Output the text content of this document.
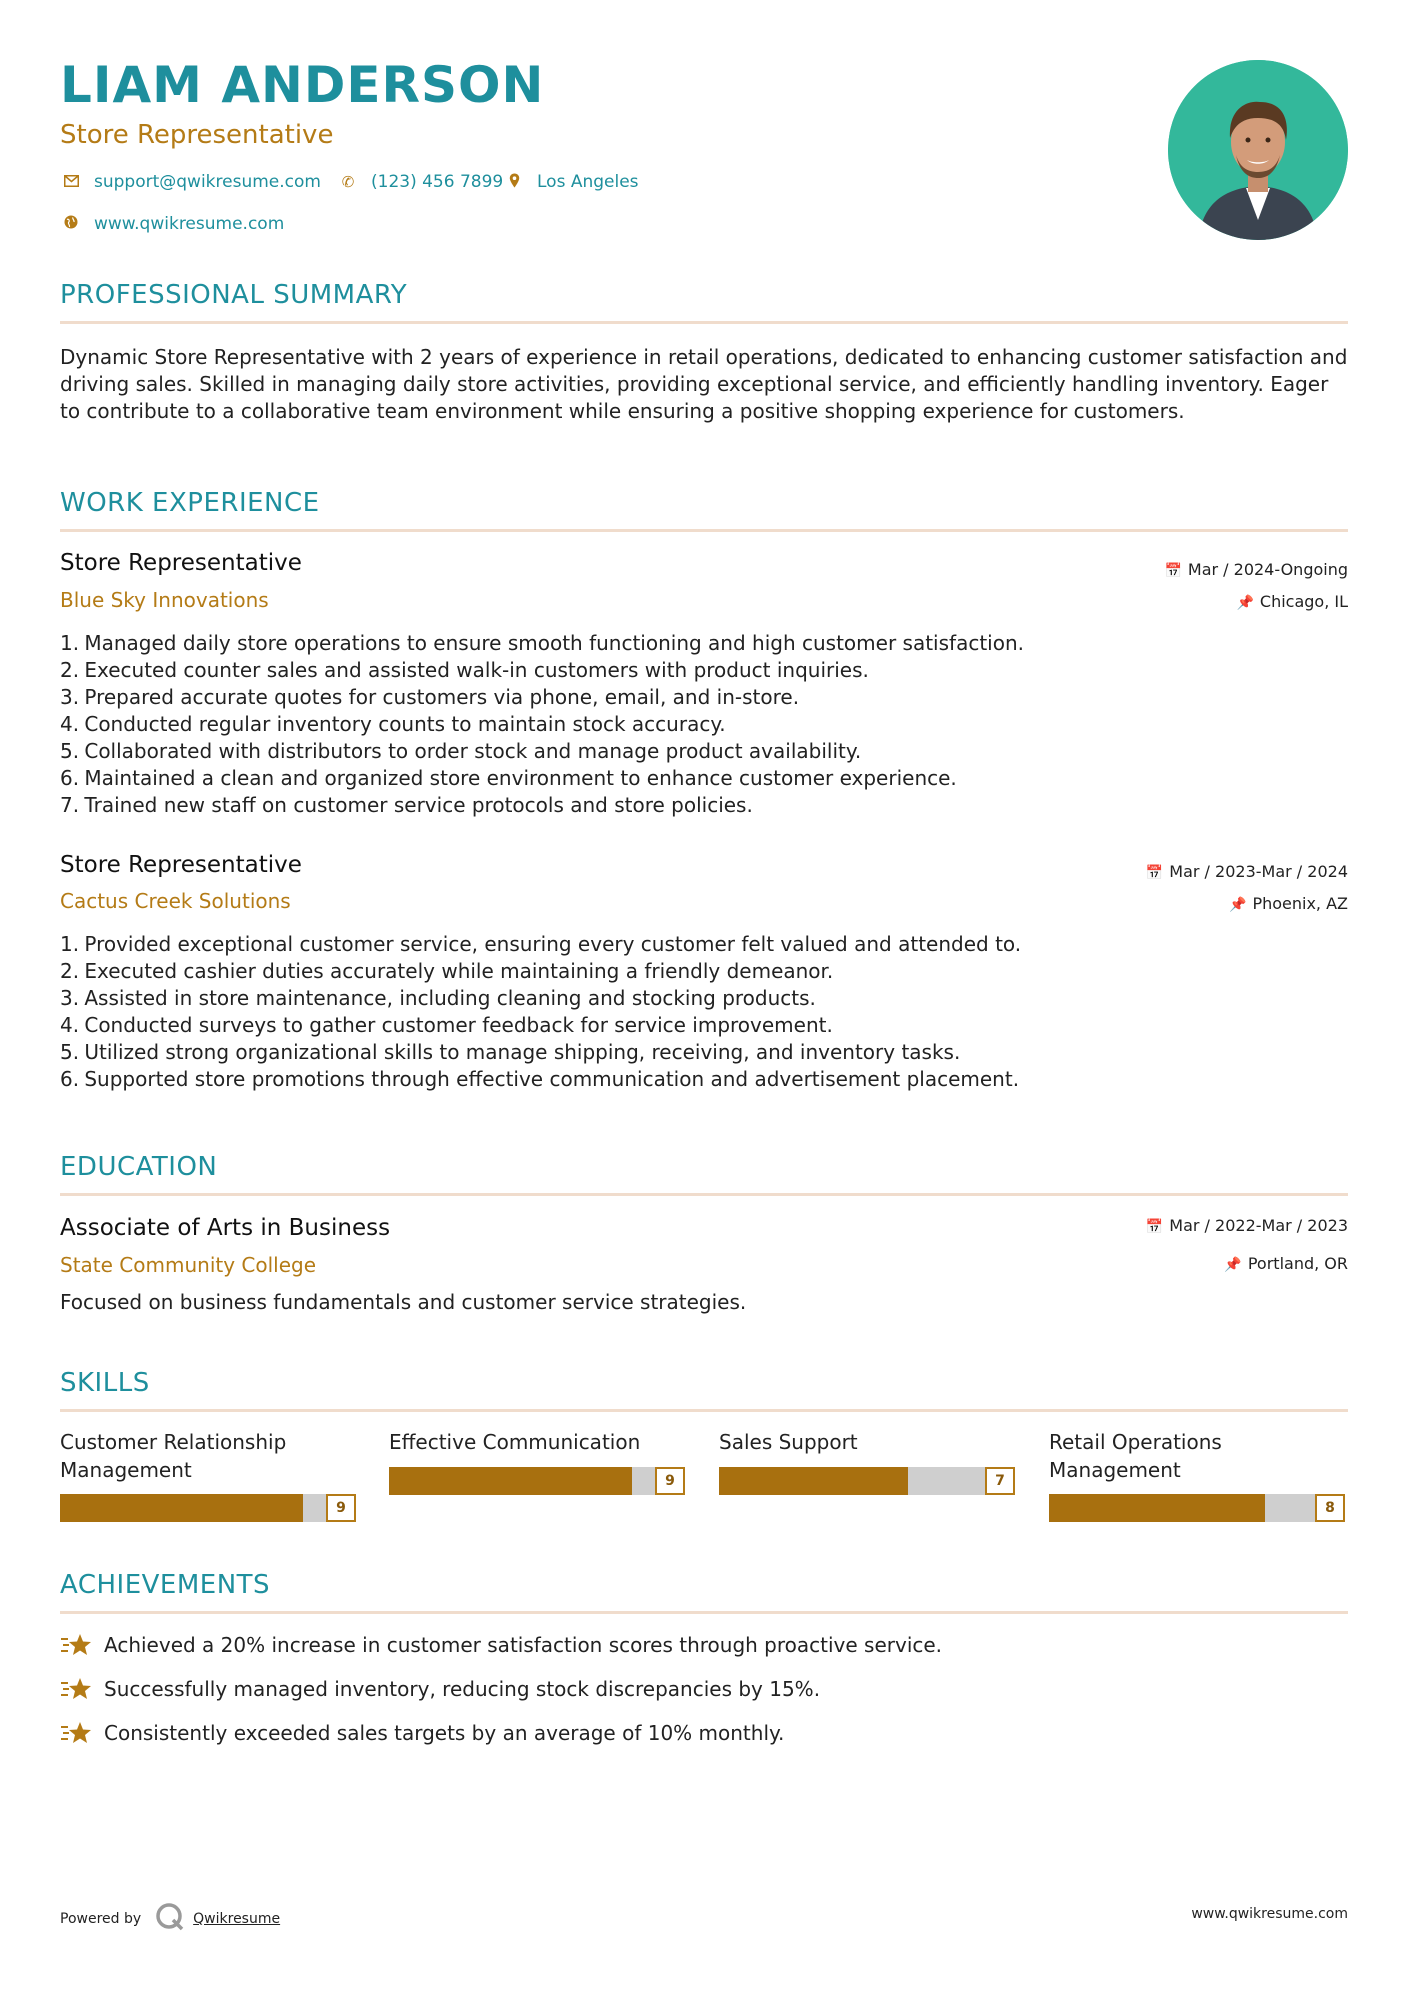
LIAM ANDERSON
Store Representative
support@qwikresume.com	✆ (123) 456 7899 Los Angeles
www.qwikresume.com
PROFESSIONAL SUMMARY

Dynamic Store Representative with 2 years of experience in retail operations, dedicated to enhancing customer satisfaction and driving sales. Skilled in managing daily store activities, providing exceptional service, and efficiently handling inventory. Eager to contribute to a collaborative team environment while ensuring a positive shopping experience for customers.

WORK EXPERIENCE
Store Representative
Blue Sky Innovations
📅 Mar / 2024-Ongoing
📌 Chicago, IL
1. Managed daily store operations to ensure smooth functioning and high customer satisfaction.
2. Executed counter sales and assisted walk-in customers with product inquiries.
3. Prepared accurate quotes for customers via phone, email, and in-store.
4. Conducted regular inventory counts to maintain stock accuracy.
5. Collaborated with distributors to order stock and manage product availability.
6. Maintained a clean and organized store environment to enhance customer experience.
7. Trained new staff on customer service protocols and store policies.
Store Representative
Cactus Creek Solutions
📅 Mar / 2023-Mar / 2024
📌 Phoenix, AZ
1. Provided exceptional customer service, ensuring every customer felt valued and attended to.
2. Executed cashier duties accurately while maintaining a friendly demeanor.
3. Assisted in store maintenance, including cleaning and stocking products.
4. Conducted surveys to gather customer feedback for service improvement.
5. Utilized strong organizational skills to manage shipping, receiving, and inventory tasks.
6. Supported store promotions through effective communication and advertisement placement.
EDUCATION
Associate of Arts in Business
State Community College
📅 Mar / 2022-Mar / 2023
📌 Portland, OR
Focused on business fundamentals and customer service strategies.
SKILLS
Customer Relationship Management
9
Effective Communication
9
Sales Support
7
Retail Operations Management
8
ACHIEVEMENTS
Achieved a 20% increase in customer satisfaction scores through proactive service.
Successfully managed inventory, reducing stock discrepancies by 15%.
Consistently exceeded sales targets by an average of 10% monthly.
Powered by	Qwikresume	www.qwikresume.com
